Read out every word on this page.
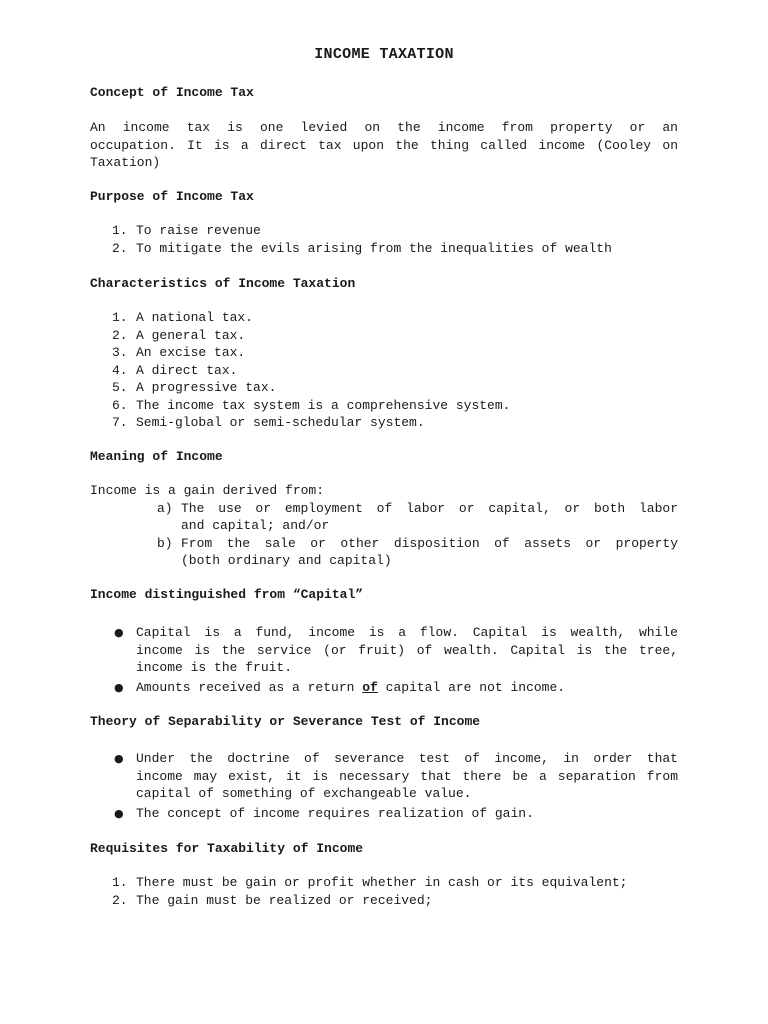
INCOME TAXATION
Concept of Income Tax
An income tax is one levied on the income from property or an
occupation. It is a direct tax upon the thing called income (Cooley on
Taxation)
Purpose of Income Tax
1. To raise revenue
2. To mitigate the evils arising from the inequalities of wealth
Characteristics of Income Taxation
1. A national tax.
2. A general tax.
3. An excise tax.
4. A direct tax.
5. A progressive tax.
6. The income tax system is a comprehensive system.
7. Semi-global or semi-schedular system.
Meaning of Income
Income is a gain derived from:
a) The use or employment of labor or capital, or both labor
and capital; and/or
b) From the sale or other disposition of assets or property
(both ordinary and capital)
Income distinguished from “Capital”
● Capital is a fund, income is a flow. Capital is wealth, while
income is the service (or fruit) of wealth. Capital is the tree,
income is the fruit.
● Amounts received as a return of capital are not income.
Theory of Separability or Severance Test of Income
● Under the doctrine of severance test of income, in order that
income may exist, it is necessary that there be a separation from
capital of something of exchangeable value.
● The concept of income requires realization of gain.
Requisites for Taxability of Income
1. There must be gain or profit whether in cash or its equivalent;
2. The gain must be realized or received;
